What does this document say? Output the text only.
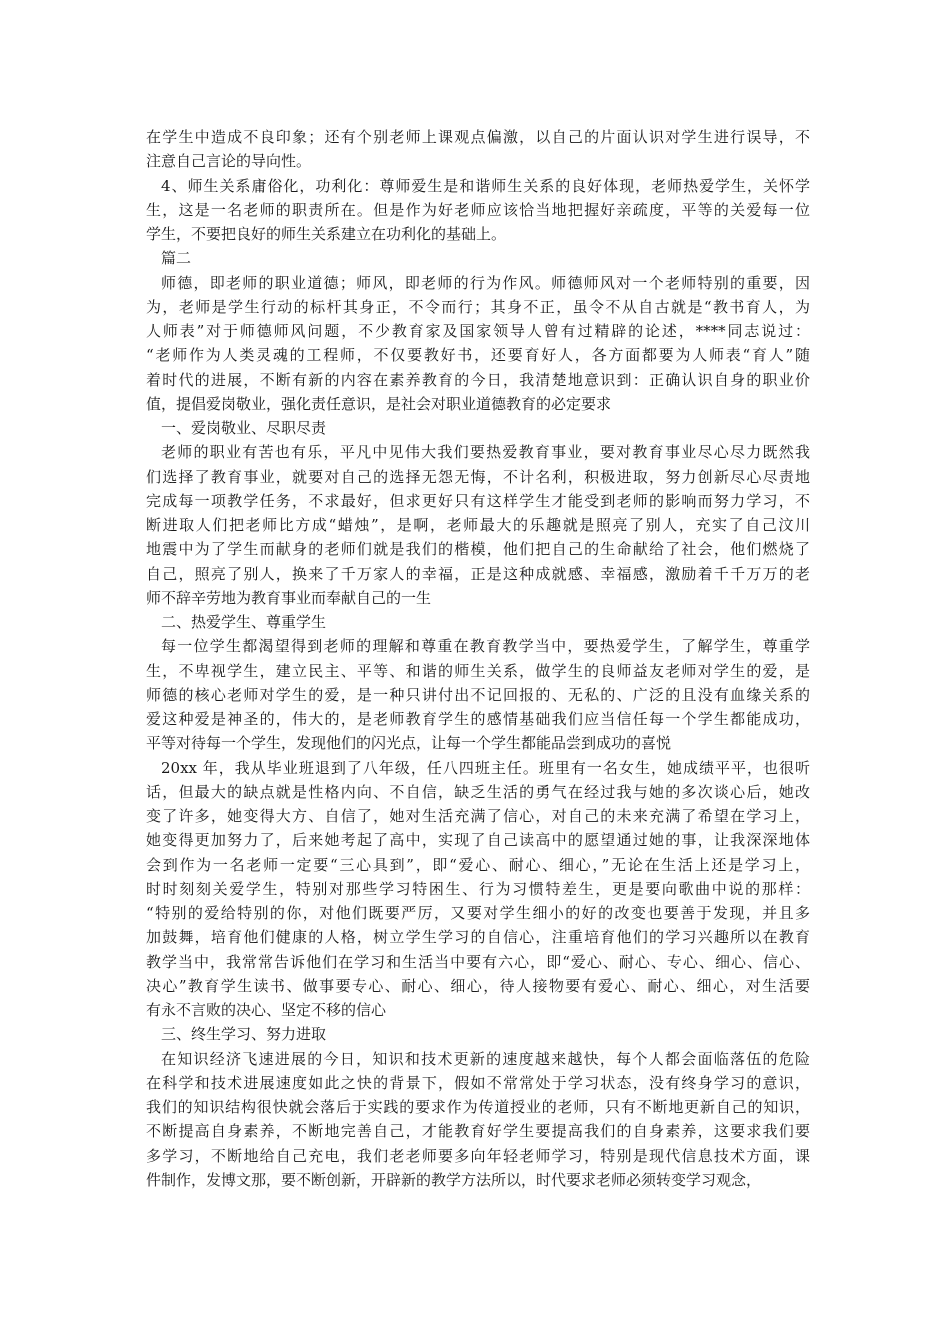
在学生中造成不良印象；还有个别老师上课观点偏激，以自己的片面认识对学生进行误导，不
注意自己言论的导向性。
4、师生关系庸俗化，功利化：尊师爱生是和谐师生关系的良好体现，老师热爱学生，关怀学
生，这是一名老师的职责所在。但是作为好老师应该恰当地把握好亲疏度，平等的关爱每一位
学生，不要把良好的师生关系建立在功利化的基础上。
篇二
师德，即老师的职业道德；师风，即老师的行为作风。师德师风对一个老师特别的重要，因
为，老师是学生行动的标杆其身正，不令而行；其身不正，虽令不从自古就是“教书育人，为
人师表”对于师德师风问题，不少教育家及国家领导人曾有过精辟的论述，****同志说过：
“老师作为人类灵魂的工程师，不仅要教好书，还要育好人，各方面都要为人师表“育人”随
着时代的进展，不断有新的内容在素养教育的今日，我清楚地意识到：正确认识自身的职业价
值，提倡爱岗敬业，强化责任意识，是社会对职业道德教育的必定要求
一、爱岗敬业、尽职尽责
老师的职业有苦也有乐，平凡中见伟大我们要热爱教育事业，要对教育事业尽心尽力既然我
们选择了教育事业，就要对自己的选择无怨无悔，不计名利，积极进取，努力创新尽心尽责地
完成每一项教学任务，不求最好，但求更好只有这样学生才能受到老师的影响而努力学习，不
断进取人们把老师比方成“蜡烛”，是啊，老师最大的乐趣就是照亮了别人，充实了自己汶川
地震中为了学生而献身的老师们就是我们的楷模，他们把自己的生命献给了社会，他们燃烧了
自己，照亮了别人，换来了千万家人的幸福，正是这种成就感、幸福感，激励着千千万万的老
师不辞辛劳地为教育事业而奉献自己的一生
二、热爱学生、尊重学生
每一位学生都渴望得到老师的理解和尊重在教育教学当中，要热爱学生，了解学生，尊重学
生，不卑视学生，建立民主、平等、和谐的师生关系，做学生的良师益友老师对学生的爱，是
师德的核心老师对学生的爱，是一种只讲付出不记回报的、无私的、广泛的且没有血缘关系的
爱这种爱是神圣的，伟大的，是老师教育学生的感情基础我们应当信任每一个学生都能成功，
平等对待每一个学生，发现他们的闪光点，让每一个学生都能品尝到成功的喜悦
20xx 年，我从毕业班退到了八年级，任八四班主任。班里有一名女生，她成绩平平，也很听
话，但最大的缺点就是性格内向、不自信，缺乏生活的勇气在经过我与她的多次谈心后，她改
变了许多，她变得大方、自信了，她对生活充满了信心，对自己的未来充满了希望在学习上，
她变得更加努力了，后来她考起了高中，实现了自己读高中的愿望通过她的事，让我深深地体
会到作为一名老师一定要“三心具到”，即“爱心、耐心、细心，”无论在生活上还是学习上，
时时刻刻关爱学生，特别对那些学习特困生、行为习惯特差生，更是要向歌曲中说的那样：
“特别的爱给特别的你，对他们既要严厉，又要对学生细小的好的改变也要善于发现，并且多
加鼓舞，培育他们健康的人格，树立学生学习的自信心，注重培育他们的学习兴趣所以在教育
教学当中，我常常告诉他们在学习和生活当中要有六心，即“爱心、耐心、专心、细心、信心、
决心”教育学生读书、做事要专心、耐心、细心，待人接物要有爱心、耐心、细心，对生活要
有永不言败的决心、坚定不移的信心
三、终生学习、努力进取
在知识经济飞速进展的今日，知识和技术更新的速度越来越快，每个人都会面临落伍的危险
在科学和技术进展速度如此之快的背景下，假如不常常处于学习状态，没有终身学习的意识，
我们的知识结构很快就会落后于实践的要求作为传道授业的老师，只有不断地更新自己的知识，
不断提高自身素养，不断地完善自己，才能教育好学生要提高我们的自身素养，这要求我们要
多学习，不断地给自己充电，我们老老师要多向年轻老师学习，特别是现代信息技术方面，课
件制作，发博文那，要不断创新，开辟新的教学方法所以，时代要求老师必须转变学习观念，
